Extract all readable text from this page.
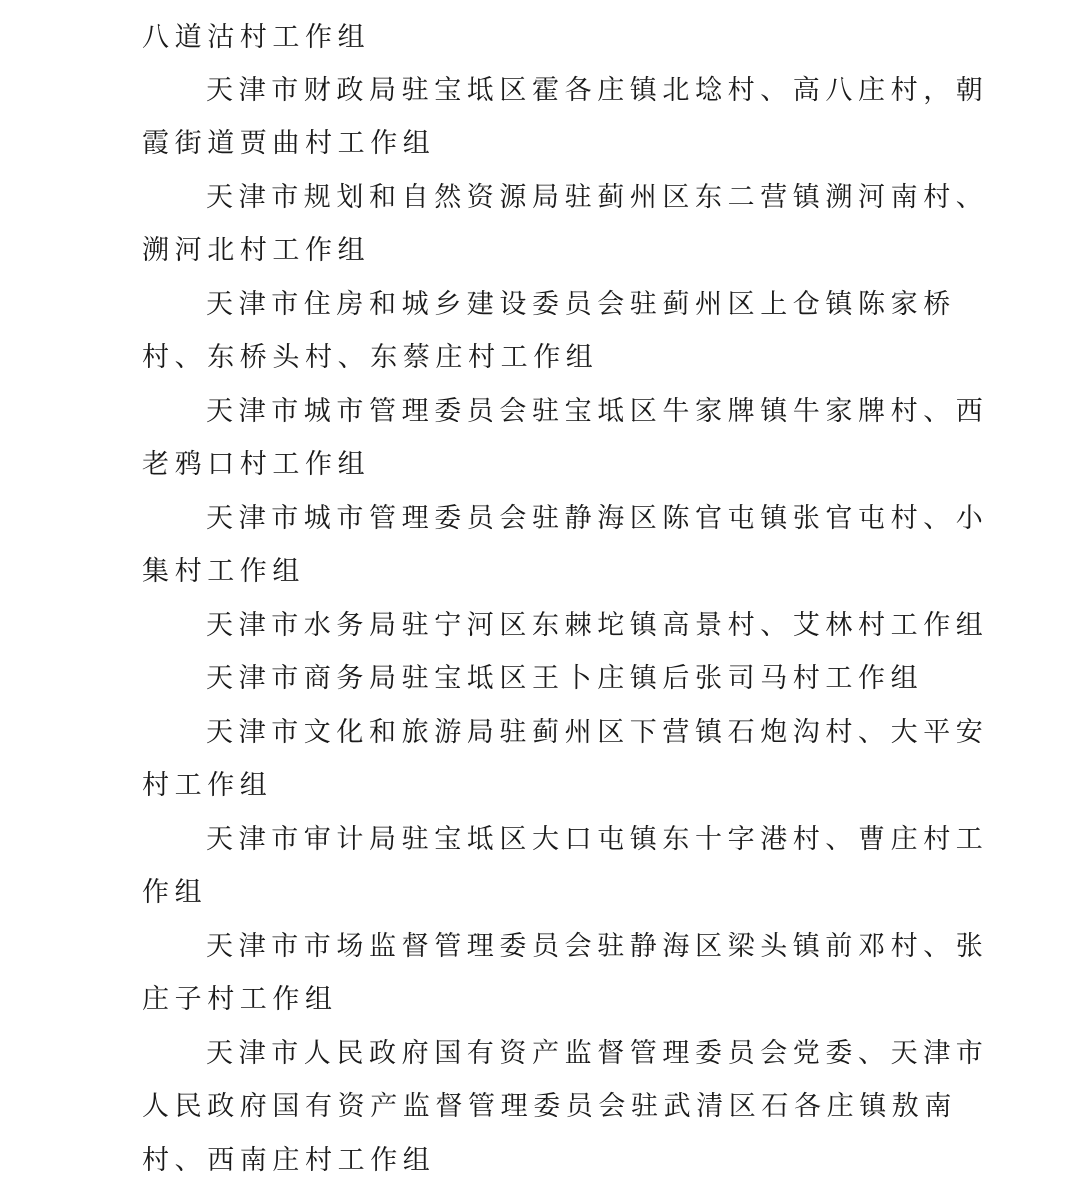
八道沽村工作组
天津市财政局驻宝坻区霍各庄镇北埝村、高八庄村，朝
霞街道贾曲村工作组
天津市规划和自然资源局驻蓟州区东二营镇溯河南村、
溯河北村工作组
天津市住房和城乡建设委员会驻蓟州区上仓镇陈家桥
村、东桥头村、东蔡庄村工作组
天津市城市管理委员会驻宝坻区牛家牌镇牛家牌村、西
老鸦口村工作组
天津市城市管理委员会驻静海区陈官屯镇张官屯村、小
集村工作组
天津市水务局驻宁河区东棘坨镇高景村、艾林村工作组
天津市商务局驻宝坻区王卜庄镇后张司马村工作组
天津市文化和旅游局驻蓟州区下营镇石炮沟村、大平安
村工作组
天津市审计局驻宝坻区大口屯镇东十字港村、曹庄村工
作组
天津市市场监督管理委员会驻静海区梁头镇前邓村、张
庄子村工作组
天津市人民政府国有资产监督管理委员会党委、天津市
人民政府国有资产监督管理委员会驻武清区石各庄镇敖南
村、西南庄村工作组
